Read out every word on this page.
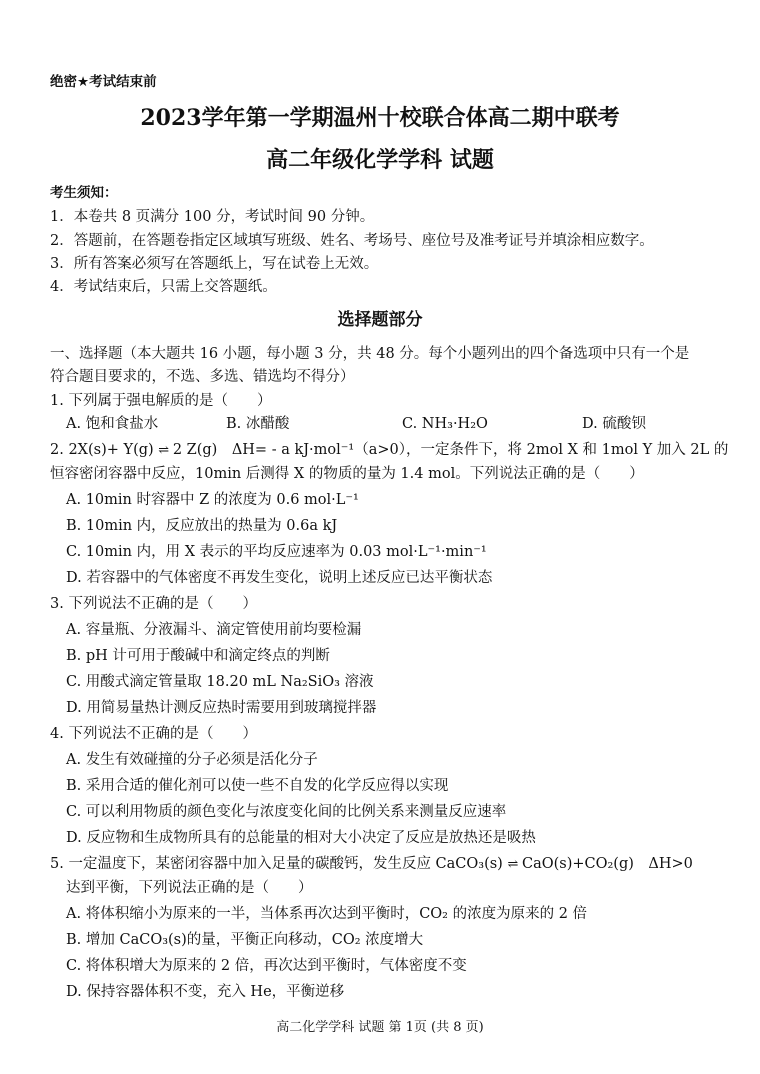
绝密★考试结束前
2023学年第一学期温州十校联合体高二期中联考
高二年级化学学科 试题
考生须知：
1．本卷共 8 页满分 100 分，考试时间 90 分钟。
2．答题前，在答题卷指定区域填写班级、姓名、考场号、座位号及准考证号并填涂相应数字。
3．所有答案必须写在答题纸上，写在试卷上无效。
4．考试结束后，只需上交答题纸。
选择题部分
一、选择题（本大题共 16 小题，每小题 3 分，共 48 分。每个小题列出的四个备选项中只有一个是
符合题目要求的，不选、多选、错选均不得分）
1. 下列属于强电解质的是（　　）
A. 饱和食盐水	B. 冰醋酸	C. NH₃·H₂O	D. 硫酸钡
2. 2X(s)+ Y(g) ⇌ 2 Z(g)　ΔH= - a kJ·mol⁻¹（a>0），一定条件下，将 2mol X 和 1mol Y 加入 2L 的
恒容密闭容器中反应，10min 后测得 X 的物质的量为 1.4 mol。下列说法正确的是（　　）
A. 10min 时容器中 Z 的浓度为 0.6 mol·L⁻¹
B. 10min 内，反应放出的热量为 0.6a kJ
C. 10min 内，用 X 表示的平均反应速率为 0.03 mol·L⁻¹·min⁻¹
D. 若容器中的气体密度不再发生变化，说明上述反应已达平衡状态
3. 下列说法不正确的是（　　）
A. 容量瓶、分液漏斗、滴定管使用前均要检漏
B. pH 计可用于酸碱中和滴定终点的判断
C. 用酸式滴定管量取 18.20 mL Na₂SiO₃ 溶液
D. 用简易量热计测反应热时需要用到玻璃搅拌器
4. 下列说法不正确的是（　　）
A. 发生有效碰撞的分子必须是活化分子
B. 采用合适的催化剂可以使一些不自发的化学反应得以实现
C. 可以利用物质的颜色变化与浓度变化间的比例关系来测量反应速率
D. 反应物和生成物所具有的总能量的相对大小决定了反应是放热还是吸热
5. 一定温度下，某密闭容器中加入足量的碳酸钙，发生反应 CaCO₃(s) ⇌ CaO(s)+CO₂(g)　ΔH>0
达到平衡，下列说法正确的是（　　）
A. 将体积缩小为原来的一半，当体系再次达到平衡时，CO₂ 的浓度为原来的 2 倍
B. 增加 CaCO₃(s)的量，平衡正向移动，CO₂ 浓度增大
C. 将体积增大为原来的 2 倍，再次达到平衡时，气体密度不变
D. 保持容器体积不变，充入 He，平衡逆移
高二化学学科 试题 第 1页 (共 8 页)
